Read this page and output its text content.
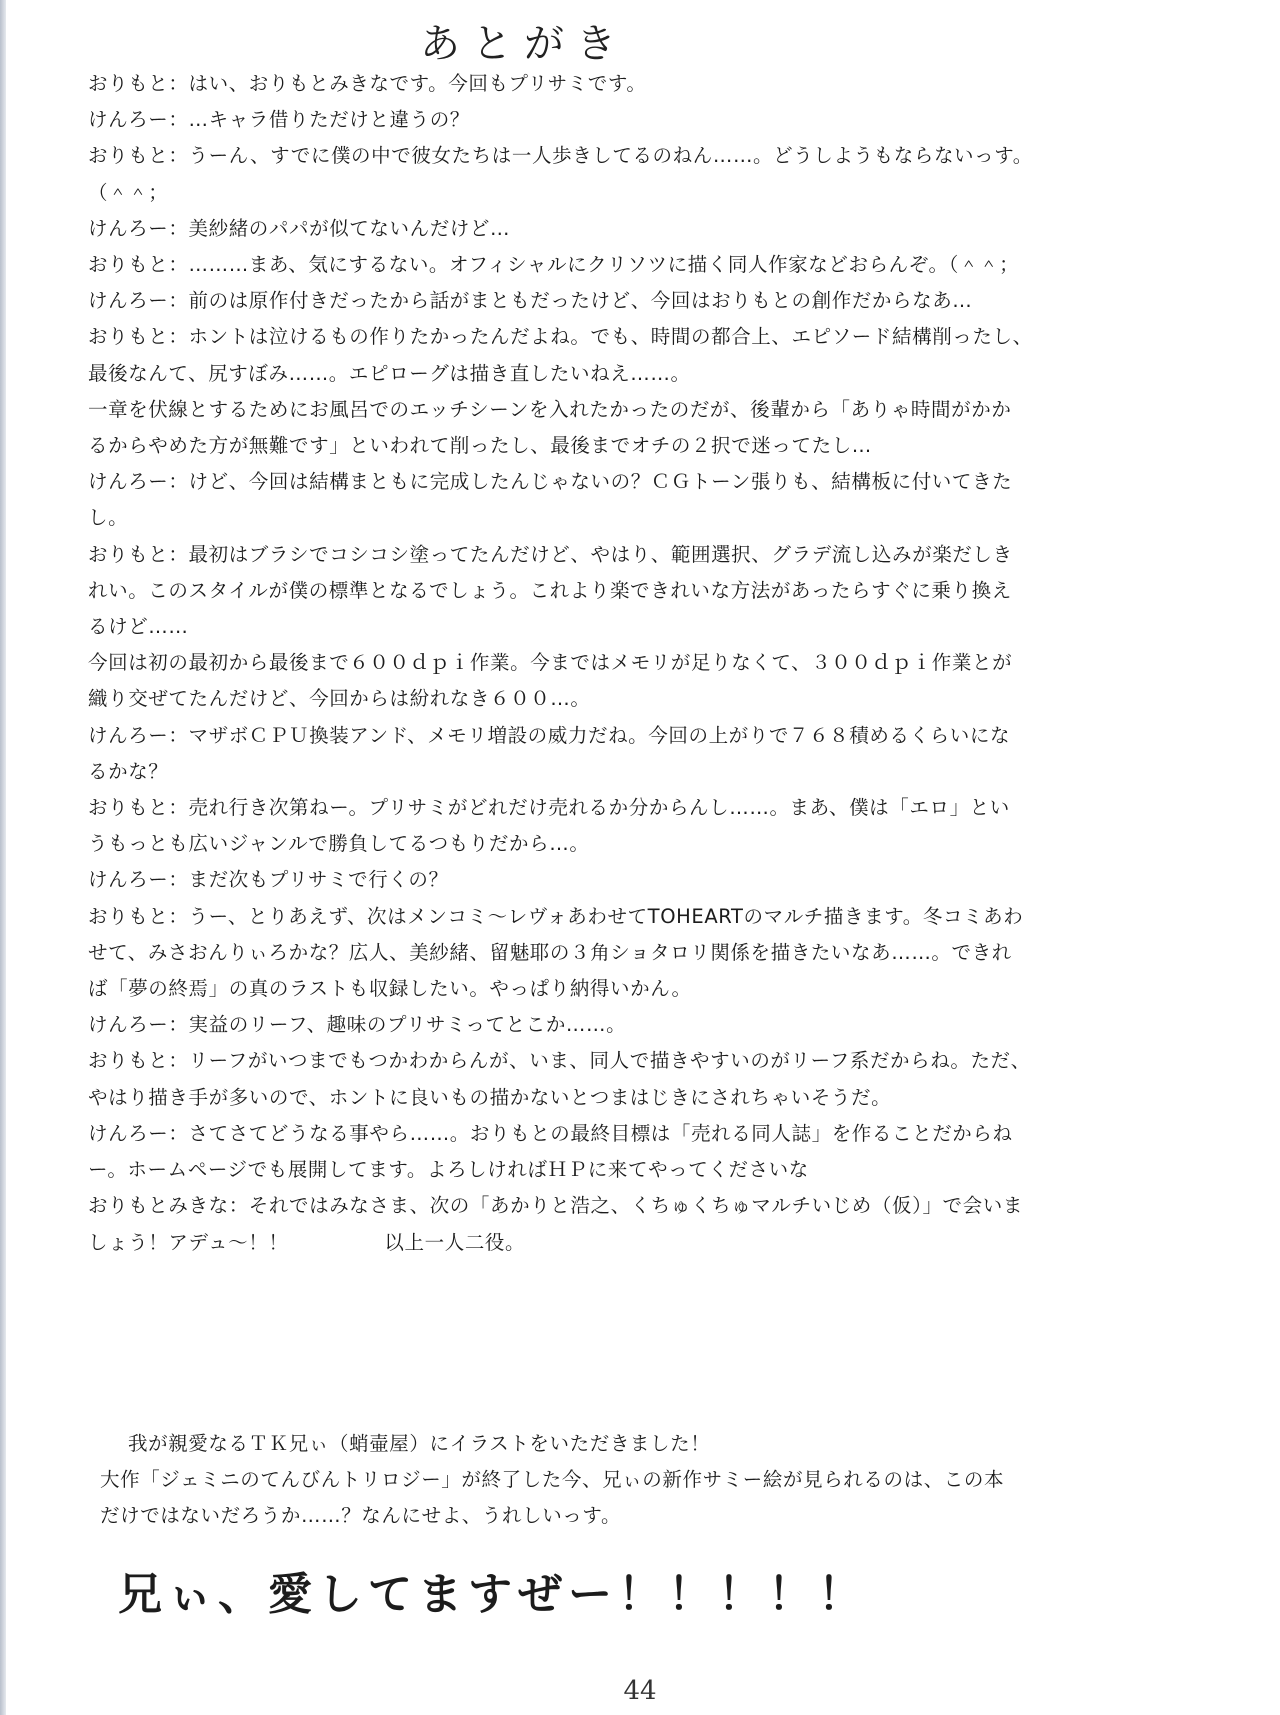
あとがき

おりもと：はい、おりもとみきなです。今回もプリサミです。

けんろー：…キャラ借りただけと違うの？

おりもと：うーん、すでに僕の中で彼女たちは一人歩きしてるのねん……。どうしようもならないっす。

（＾＾；

けんろー：美紗緒のパパが似てないんだけど…

おりもと：………まあ、気にするない。オフィシャルにクリソツに描く同人作家などおらんぞ。（＾＾；

けんろー：前のは原作付きだったから話がまともだったけど、今回はおりもとの創作だからなあ…

おりもと：ホントは泣けるもの作りたかったんだよね。でも、時間の都合上、エピソード結構削ったし、

最後なんて、尻すぼみ……。エピローグは描き直したいねえ……。

一章を伏線とするためにお風呂でのエッチシーンを入れたかったのだが、後輩から「ありゃ時間がかか

るからやめた方が無難です」といわれて削ったし、最後までオチの２択で迷ってたし…

けんろー：けど、今回は結構まともに完成したんじゃないの？ＣＧトーン張りも、結構板に付いてきた

し。

おりもと：最初はブラシでコシコシ塗ってたんだけど、やはり、範囲選択、グラデ流し込みが楽だしき

れい。このスタイルが僕の標準となるでしょう。これより楽できれいな方法があったらすぐに乗り換え

るけど……

今回は初の最初から最後まで６００ｄｐｉ作業。今まではメモリが足りなくて、３００ｄｐｉ作業とが

織り交ぜてたんだけど、今回からは紛れなき６００…。

けんろー：マザボＣＰＵ換装アンド、メモリ増設の威力だね。今回の上がりで７６８積めるくらいにな

るかな？

おりもと：売れ行き次第ねー。プリサミがどれだけ売れるか分からんし……。まあ、僕は「エロ」とい

うもっとも広いジャンルで勝負してるつもりだから…。

けんろー：まだ次もプリサミで行くの？

おりもと：うー、とりあえず、次はメンコミ～レヴォあわせてTOHEARTのマルチ描きます。冬コミあわ

せて、みさおんりぃろかな？広人、美紗緒、留魅耶の３角ショタロリ関係を描きたいなあ……。できれ

ば「夢の終焉」の真のラストも収録したい。やっぱり納得いかん。

けんろー：実益のリーフ、趣味のプリサミってとこか……。

おりもと：リーフがいつまでもつかわからんが、いま、同人で描きやすいのがリーフ系だからね。ただ、

やはり描き手が多いので、ホントに良いもの描かないとつまはじきにされちゃいそうだ。

けんろー：さてさてどうなる事やら……。おりもとの最終目標は「売れる同人誌」を作ることだからね

ー。ホームページでも展開してます。よろしければＨＰに来てやってくださいな

おりもとみきな：それではみなさま、次の「あかりと浩之、くちゅくちゅマルチいじめ（仮）」で会いま

しょう！アデュ～！！	以上一人二役。

我が親愛なるＴＫ兄ぃ（蛸壷屋）にイラストをいただきました！

大作「ジェミニのてんびんトリロジー」が終了した今、兄ぃの新作サミー絵が見られるのは、この本

だけではないだろうか……？なんにせよ、うれしいっす。

兄ぃ、愛してますぜー！！！！！
44
